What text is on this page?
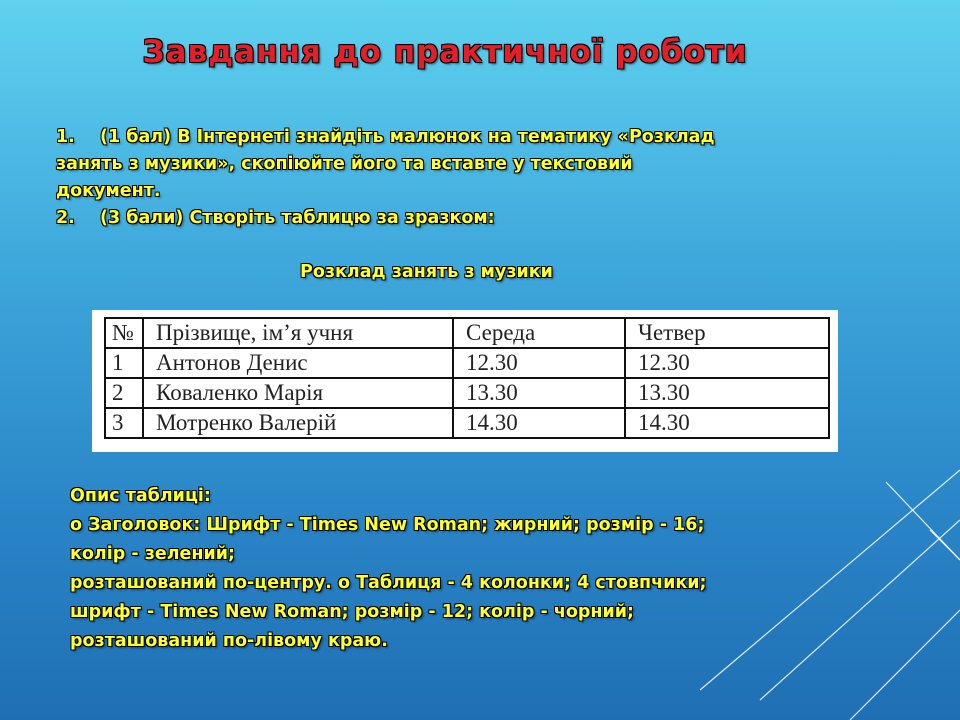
Завдання до практичної роботи

1. (1 бал) В Інтернеті знайдіть малюнок на тематику «Розклад

занять з музики», скопіюйте його та вставте у текстовий

документ.

2. (3 бали) Створіть таблицю за зразком:

Розклад занять з музики
№	Прізвище, ім’я учня	Середа	Четвер
1	Антонов Денис	12.30	12.30
2	Коваленко Марія	13.30	13.30
3	Мотренко Валерій	14.30	14.30

Опис таблиці:

o Заголовок: Шрифт - Times New Roman; жирний; розмір - 16;

колір - зелений;

розташований по-центру. o Таблиця - 4 колонки; 4 стовпчики;

шрифт - Times New Roman; розмір - 12; колір - чорний;

розташований по-лівому краю.
